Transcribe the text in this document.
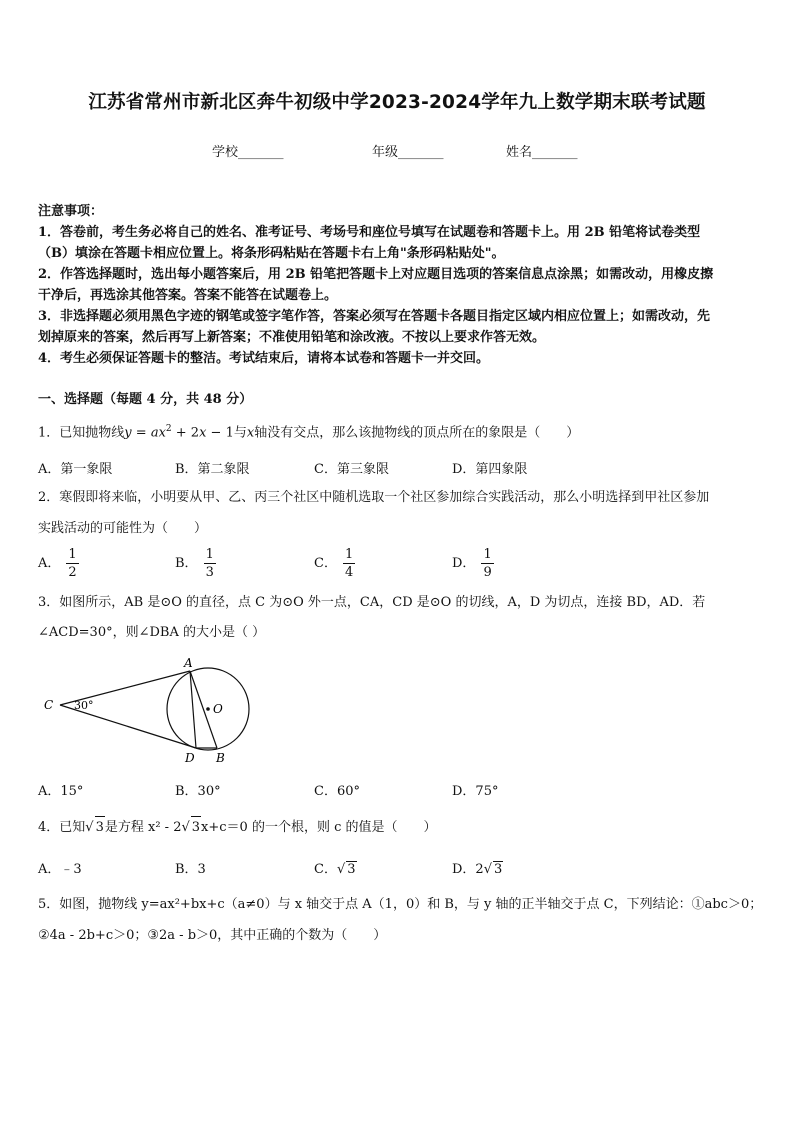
江苏省常州市新北区奔牛初级中学2023-2024学年九上数学期末联考试题
学校_______	年级_______	姓名_______
注意事项：
1．答卷前，考生务必将自己的姓名、准考证号、考场号和座位号填写在试题卷和答题卡上。用 2B 铅笔将试卷类型
（B）填涂在答题卡相应位置上。将条形码粘贴在答题卡右上角"条形码粘贴处"。
2．作答选择题时，选出每小题答案后，用 2B 铅笔把答题卡上对应题目选项的答案信息点涂黑；如需改动，用橡皮擦
干净后，再选涂其他答案。答案不能答在试题卷上。
3．非选择题必须用黑色字迹的钢笔或签字笔作答，答案必须写在答题卡各题目指定区域内相应位置上；如需改动，先
划掉原来的答案，然后再写上新答案；不准使用铅笔和涂改液。不按以上要求作答无效。
4．考生必须保证答题卡的整洁。考试结束后，请将本试卷和答题卡一并交回。
一、选择题（每题 4 分，共 48 分）
1．已知抛物线$y = ax^2 + 2x - 1$与x轴没有交点，那么该抛物线的顶点所在的象限是（　　）
A．第一象限	B．第二象限	C．第三象限	D．第四象限
2．寒假即将来临，小明要从甲、乙、丙三个社区中随机选取一个社区参加综合实践活动，那么小明选择到甲社区参加
实践活动的可能性为（　　）
A． $\frac{1}{2}$	B． $\frac{1}{3}$	C． $\frac{1}{4}$	D． $\frac{1}{9}$
3．如图所示，AB 是⊙O 的直径，点 C 为⊙O 外一点，CA，CD 是⊙O 的切线，A，D 为切点，连接 BD，AD．若
∠ACD=30°，则∠DBA 的大小是（ ）
A
B
C
D
O
30°
A．15°	B．30°	C．60°	D．75°
4．已知√ 3是方程 x² - 2√ 3x+c＝0 的一个根，则 c 的值是（　　）
A．﹣3	B．3	C．√ 3	D．2√ 3
5．如图，抛物线 y=ax²+bx+c（a≠0）与 x 轴交于点 A（1，0）和 B，与 y 轴的正半轴交于点 C，下列结论：①abc＞0；
②4a - 2b+c＞0；③2a - b＞0，其中正确的个数为（　　）
